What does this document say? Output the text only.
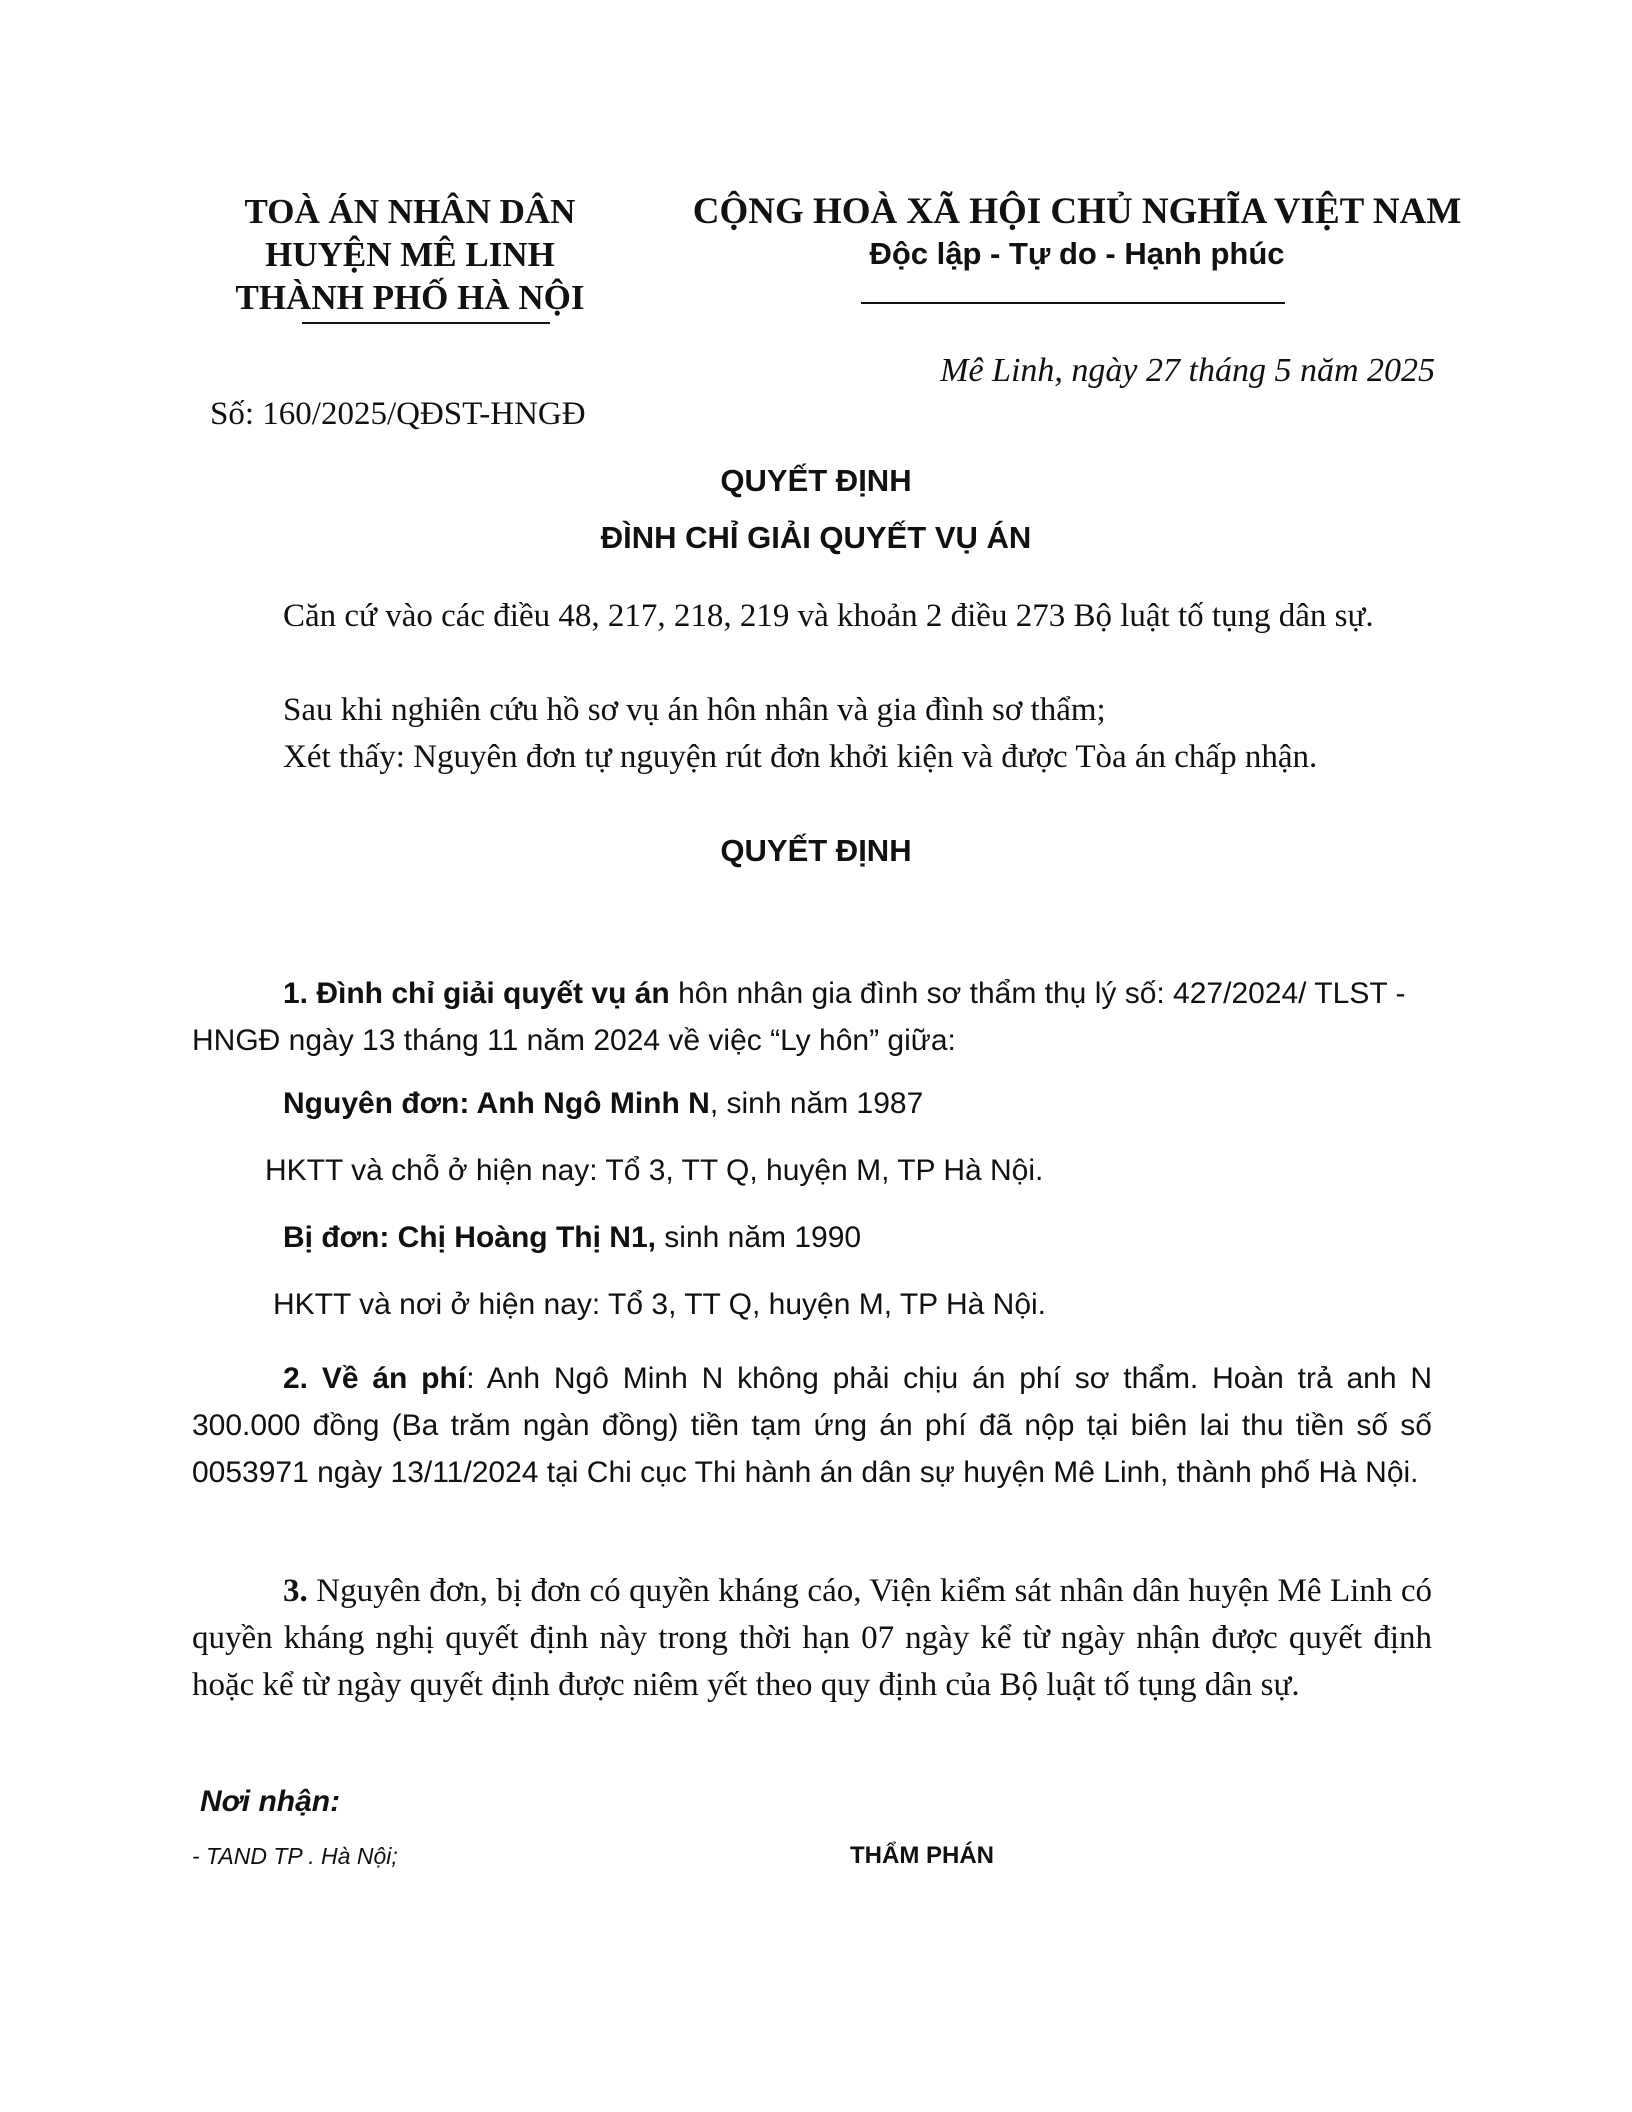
TOÀ ÁN NHÂN DÂN
HUYỆN MÊ LINH
THÀNH PHỐ HÀ NỘI
CỘNG HOÀ XÃ HỘI CHỦ NGHĨA VIỆT NAM
Độc lập - Tự do - Hạnh phúc
Mê Linh, ngày 27 tháng 5 năm 2025
Số: 160/2025/QĐST-HNGĐ
QUYẾT ĐỊNH
ĐÌNH CHỈ GIẢI QUYẾT VỤ ÁN
Căn cứ vào các điều 48, 217, 218, 219 và khoản 2 điều 273 Bộ luật tố tụng dân sự.
Sau khi nghiên cứu hồ sơ vụ án hôn nhân và gia đình sơ thẩm;
Xét thấy: Nguyên đơn tự nguyện rút đơn khởi kiện và được Tòa án chấp nhận.
QUYẾT ĐỊNH
1. Đình chỉ giải quyết vụ án hôn nhân gia đình sơ thẩm thụ lý số: 427/2024/ TLST - HNGĐ ngày 13 tháng 11 năm 2024 về việc “Ly hôn” giữa:
Nguyên đơn: Anh Ngô Minh N, sinh năm 1987
HKTT và chỗ ở hiện nay: Tổ 3, TT Q, huyện M, TP Hà Nội.
Bị đơn: Chị Hoàng Thị N1, sinh năm 1990
HKTT và nơi ở hiện nay: Tổ 3, TT Q, huyện M, TP Hà Nội.
2. Về án phí: Anh Ngô Minh N không phải chịu án phí sơ thẩm. Hoàn trả anh N 300.000 đồng (Ba trăm ngàn đồng) tiền tạm ứng án phí đã nộp tại biên lai thu tiền số số 0053971 ngày 13/11/2024 tại Chi cục Thi hành án dân sự huyện Mê Linh, thành phố Hà Nội.
3. Nguyên đơn, bị đơn có quyền kháng cáo, Viện kiểm sát nhân dân huyện Mê Linh có quyền kháng nghị quyết định này trong thời hạn 07 ngày kể từ ngày nhận được quyết định hoặc kể từ ngày quyết định được niêm yết theo quy định của Bộ luật tố tụng dân sự.
Nơi nhận:
- TAND TP . Hà Nội;	THẨM PHÁN
